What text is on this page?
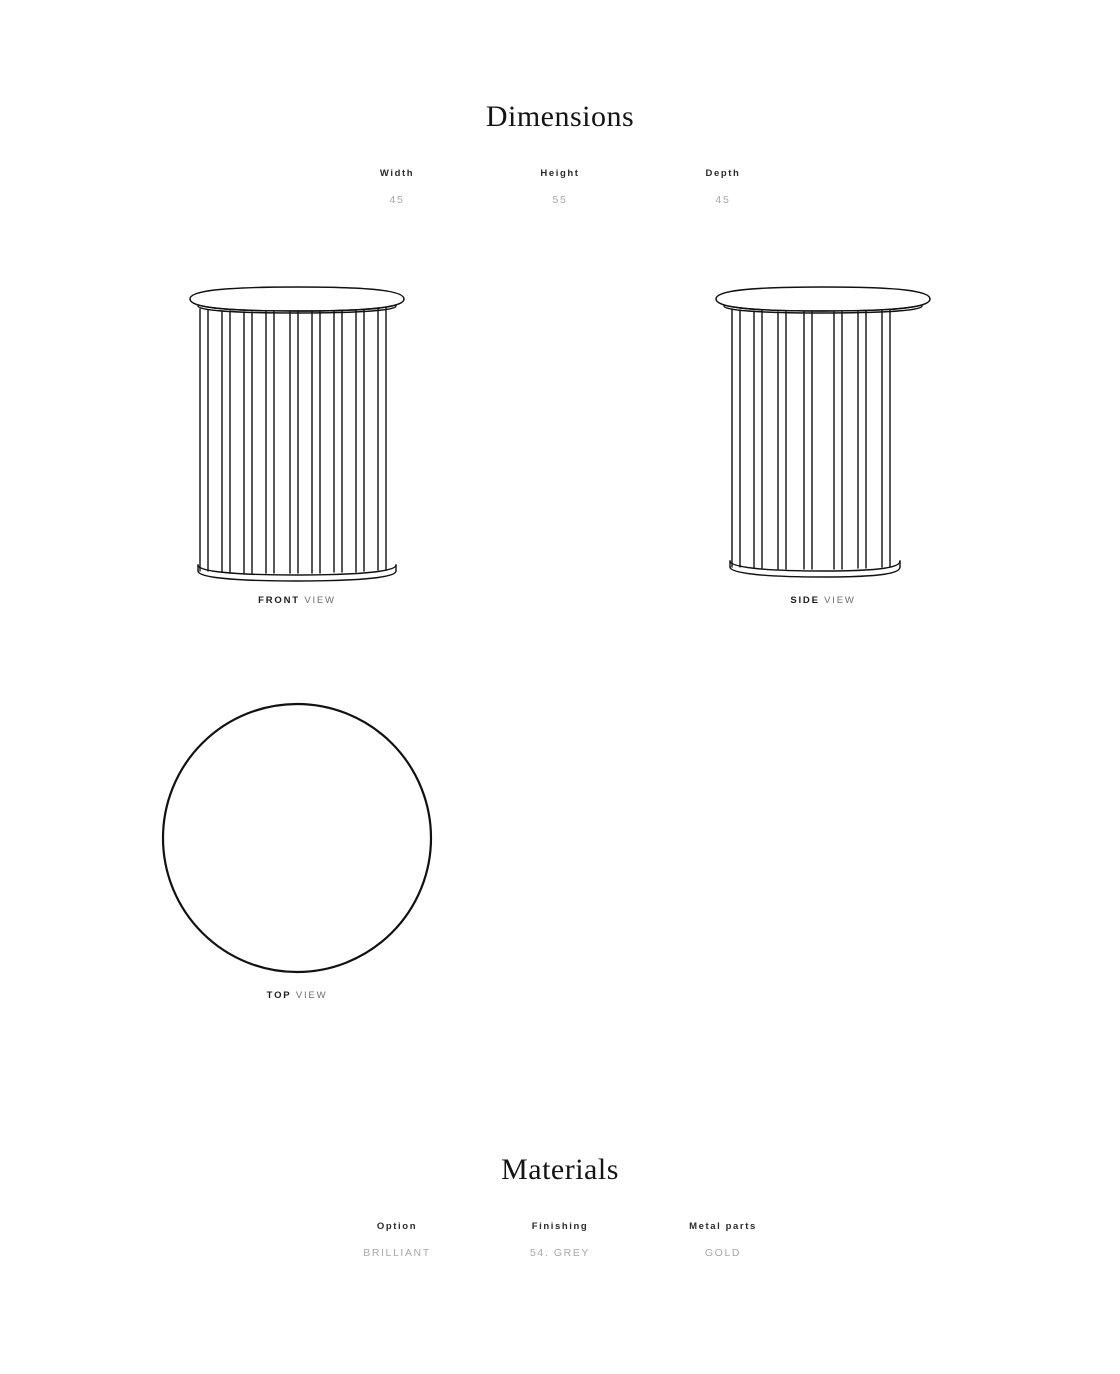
Dimensions
Width
45
Height
55
Depth
45
FRONT VIEW	SIDE VIEW
TOP VIEW
Materials
Option
BRILLIANT
Finishing
54. GREY
Metal parts
GOLD
